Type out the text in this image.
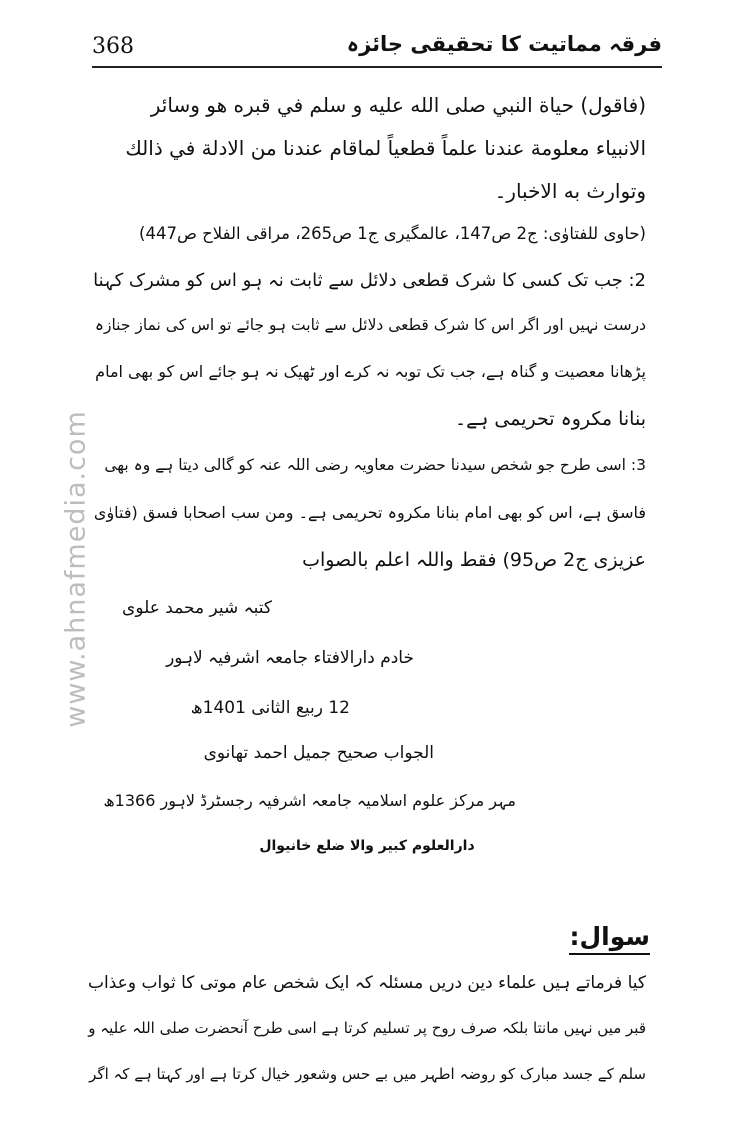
368	فرقہ مماتیت کا تحقیقی جائزہ
www.ahnafmedia.com
(فاقول) حياة النبي صلى الله عليه و سلم في قبره هو وسائر
الانبياء معلومة عندنا علماً قطعياً لماقام عندنا من الادلة في ذالك
وتوارث به الاخبار۔
(حاوی للفتاوٰی: ج2 ص147، عالمگیری ج1 ص265، مراقی الفلاح ص447)
2: جب تک کسی کا شرک قطعی دلائل سے ثابت نہ ہو اس کو مشرک کہنا
درست نہیں اور اگر اس کا شرک قطعی دلائل سے ثابت ہو جائے تو اس کی نماز جنازہ
پڑھانا معصیت و گناہ ہے، جب تک توبہ نہ کرے اور ٹھیک نہ ہو جائے اس کو بھی امام
بنانا مکروہ تحریمی ہے۔
3: اسی طرح جو شخص سیدنا حضرت معاویہ رضی اللہ عنہ کو گالی دیتا ہے وہ بھی
فاسق ہے، اس کو بھی امام بنانا مکروہ تحریمی ہے۔ ومن سب اصحابا فسق (فتاوٰی
عزیزی ج2 ص95) فقط واللہ اعلم بالصواب
کتبہ شیر محمد علوی
خادم دارالافتاء جامعہ اشرفیہ لاہور
12 ربیع الثانی 1401ھ
الجواب صحیح جمیل احمد تھانوی
مہر مرکز علوم اسلامیہ جامعہ اشرفیہ رجسٹرڈ لاہور 1366ھ
دارالعلوم کبیر والا ضلع خانیوال
سوال:
کیا فرماتے ہیں علماء دین دریں مسئلہ کہ ایک شخص عام موتی کا ثواب وعذاب
قبر میں نہیں مانتا بلکہ صرف روح پر تسلیم کرتا ہے اسی طرح آنحضرت صلی اللہ علیہ و
سلم کے جسد مبارک کو روضہ اطہر میں بے حس وشعور خیال کرتا ہے اور کہتا ہے کہ اگر
